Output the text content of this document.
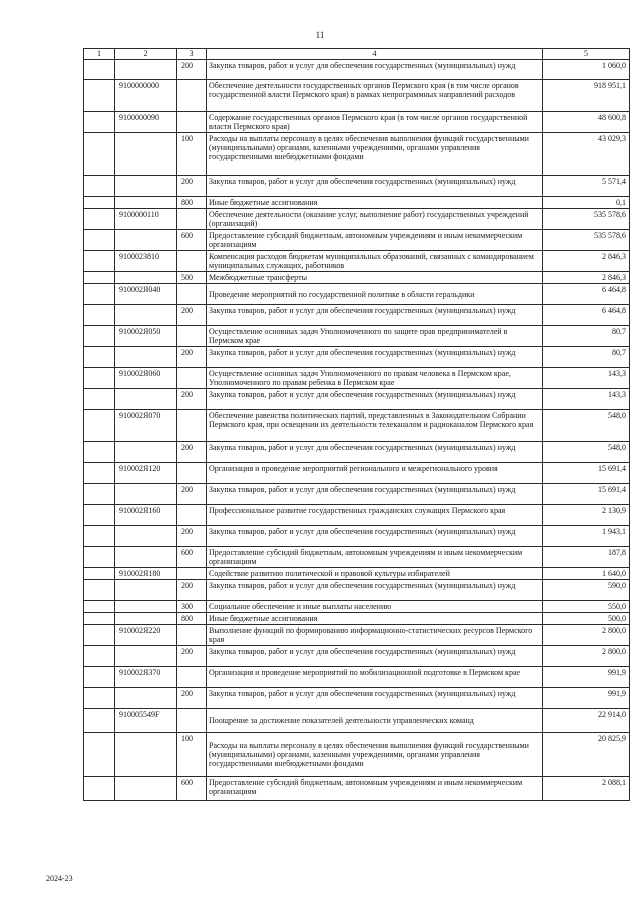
11
1	2	3	4	5
		200	Закупка товаров, работ и услуг для обеспечения государственных (муниципальных) нужд	1 060,0
	9100000000		Обеспечение деятельности государственных органов Пермского края (в том числе органов государственной власти Пермского края) в рамках непрограммных направлений расходов	918 951,1
	9100000090		Содержание государственных органов Пермского края (в том числе органов государственной власти Пермского края)	48 600,8
		100	Расходы на выплаты персоналу в целях обеспечения выполнения функций государственными (муниципальными) органами, казенными учреждениями, органами управления государственными внебюджетными фондами	43 029,3
		200	Закупка товаров, работ и услуг для обеспечения государственных (муниципальных) нужд	5 571,4
		800	Иные бюджетные ассигнования	0,1
	9100000110		Обеспечение деятельности (оказание услуг, выполнение работ) государственных учреждений (организаций)	535 578,6
		600	Предоставление субсидий бюджетным, автономным учреждениям и иным некоммерческим организациям	535 578,6
	9100023810		Компенсация расходов бюджетам муниципальных образований, связанных с командированием муниципальных служащих, работников	2 846,3
		500	Межбюджетные трансферты	2 846,3
	910002Я040		Проведение мероприятий по государственной политике в области геральдики	6 464,8
		200	Закупка товаров, работ и услуг для обеспечения государственных (муниципальных) нужд	6 464,8
	910002Я050		Осуществление основных задач Уполномоченного по защите прав предпринимателей в Пермском крае	80,7
		200	Закупка товаров, работ и услуг для обеспечения государственных (муниципальных) нужд	80,7
	910002Я060		Осуществление основных задач Уполномоченного по правам человека в Пермском крае, Уполномоченного по правам ребенка в Пермском крае	143,3
		200	Закупка товаров, работ и услуг для обеспечения государственных (муниципальных) нужд	143,3
	910002Я070		Обеспечение равенства политических партий, представленных в Законодательном Собрании Пермского края, при освещении их деятельности телеканалом и радиоканалом Пермского края	548,0
		200	Закупка товаров, работ и услуг для обеспечения государственных (муниципальных) нужд	548,0
	910002Я120		Организация и проведение мероприятий регионального и межрегионального уровня	15 691,4
		200	Закупка товаров, работ и услуг для обеспечения государственных (муниципальных) нужд	15 691,4
	910002Я160		Профессиональное развитие государственных гражданских служащих Пермского края	2 130,9
		200	Закупка товаров, работ и услуг для обеспечения государственных (муниципальных) нужд	1 943,1
		600	Предоставление субсидий бюджетным, автономным учреждениям и иным некоммерческим организациям	187,8
	910002Я180		Содействие развитию политической и правовой культуры избирателей	1 640,0
		200	Закупка товаров, работ и услуг для обеспечения государственных (муниципальных) нужд	590,0
		300	Социальное обеспечение и иные выплаты населению	550,0
		800	Иные бюджетные ассигнования	500,0
	910002Я220		Выполнение функций по формированию информационно-статистических ресурсов Пермского края	2 800,0
		200	Закупка товаров, работ и услуг для обеспечения государственных (муниципальных) нужд	2 800,0
	910002Я370		Организация и проведение мероприятий по мобилизационной подготовке в Пермском крае	991,9
		200	Закупка товаров, работ и услуг для обеспечения государственных (муниципальных) нужд	991,9
	910005549F		Поощрение за достижение показателей деятельности управленческих команд	22 914,0
		100	Расходы на выплаты персоналу в целях обеспечения выполнения функций государственными (муниципальными) органами, казенными учреждениями, органами управления государственными внебюджетными фондами	20 825,9
		600	Предоставление субсидий бюджетным, автономным учреждениям и иным некоммерческим организациям	2 088,1
2024-23
